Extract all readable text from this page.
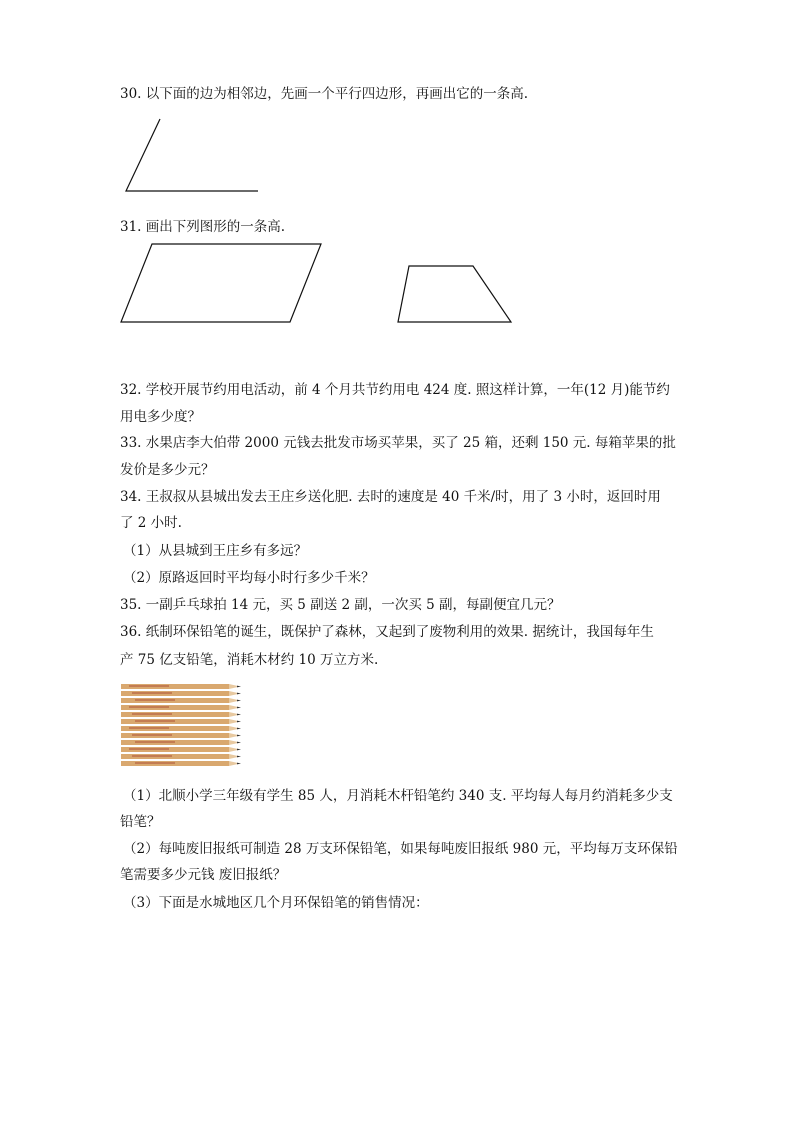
30. 以下面的边为相邻边，先画一个平行四边形，再画出它的一条高.
31. 画出下列图形的一条高.
32. 学校开展节约用电活动，前 4 个月共节约用电 424 度. 照这样计算，一年(12 月)能节约
用电多少度？
33. 水果店李大伯带 2000 元钱去批发市场买苹果，买了 25 箱，还剩 150 元. 每箱苹果的批
发价是多少元？
34. 王叔叔从县城出发去王庄乡送化肥. 去时的速度是 40 千米/时，用了 3 小时，返回时用
了 2 小时.
（1）从县城到王庄乡有多远？
（2）原路返回时平均每小时行多少千米？
35. 一副乒乓球拍 14 元，买 5 副送 2 副，一次买 5 副，每副便宜几元？
36. 纸制环保铅笔的诞生，既保护了森林，又起到了废物利用的效果. 据统计，我国每年生
产 75 亿支铅笔，消耗木材约 10 万立方米.
（1）北顺小学三年级有学生 85 人，月消耗木杆铅笔约 340 支. 平均每人每月约消耗多少支
铅笔？
（2）每吨废旧报纸可制造 28 万支环保铅笔，如果每吨废旧报纸 980 元，平均每万支环保铅
笔需要多少元钱 废旧报纸？
（3）下面是水城地区几个月环保铅笔的销售情况：
